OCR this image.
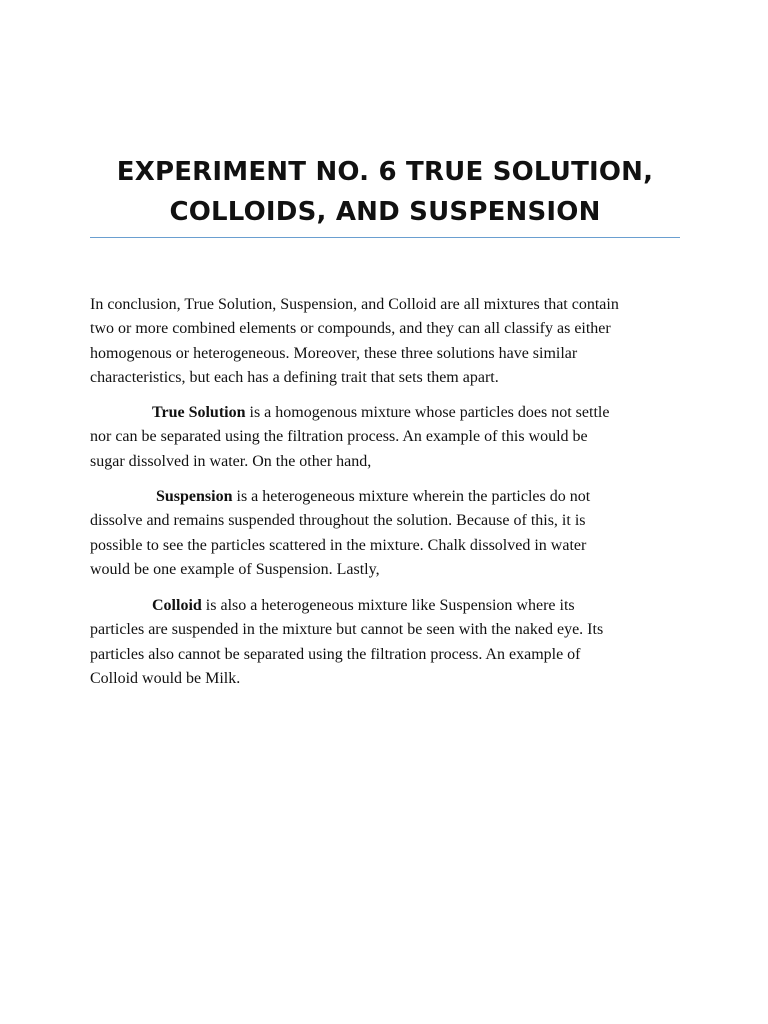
EXPERIMENT NO. 6 TRUE SOLUTION,
COLLOIDS, AND SUSPENSION

In conclusion, True Solution, Suspension, and Colloid are all mixtures that contain
two or more combined elements or compounds, and they can all classify as either
homogenous or heterogeneous. Moreover, these three solutions have similar
characteristics, but each has a defining trait that sets them apart.

True Solution is a homogenous mixture whose particles does not settle
nor can be separated using the filtration process. An example of this would be
sugar dissolved in water. On the other hand,

Suspension is a heterogeneous mixture wherein the particles do not
dissolve and remains suspended throughout the solution. Because of this, it is
possible to see the particles scattered in the mixture. Chalk dissolved in water
would be one example of Suspension. Lastly,

Colloid is also a heterogeneous mixture like Suspension where its
particles are suspended in the mixture but cannot be seen with the naked eye. Its
particles also cannot be separated using the filtration process. An example of
Colloid would be Milk.
